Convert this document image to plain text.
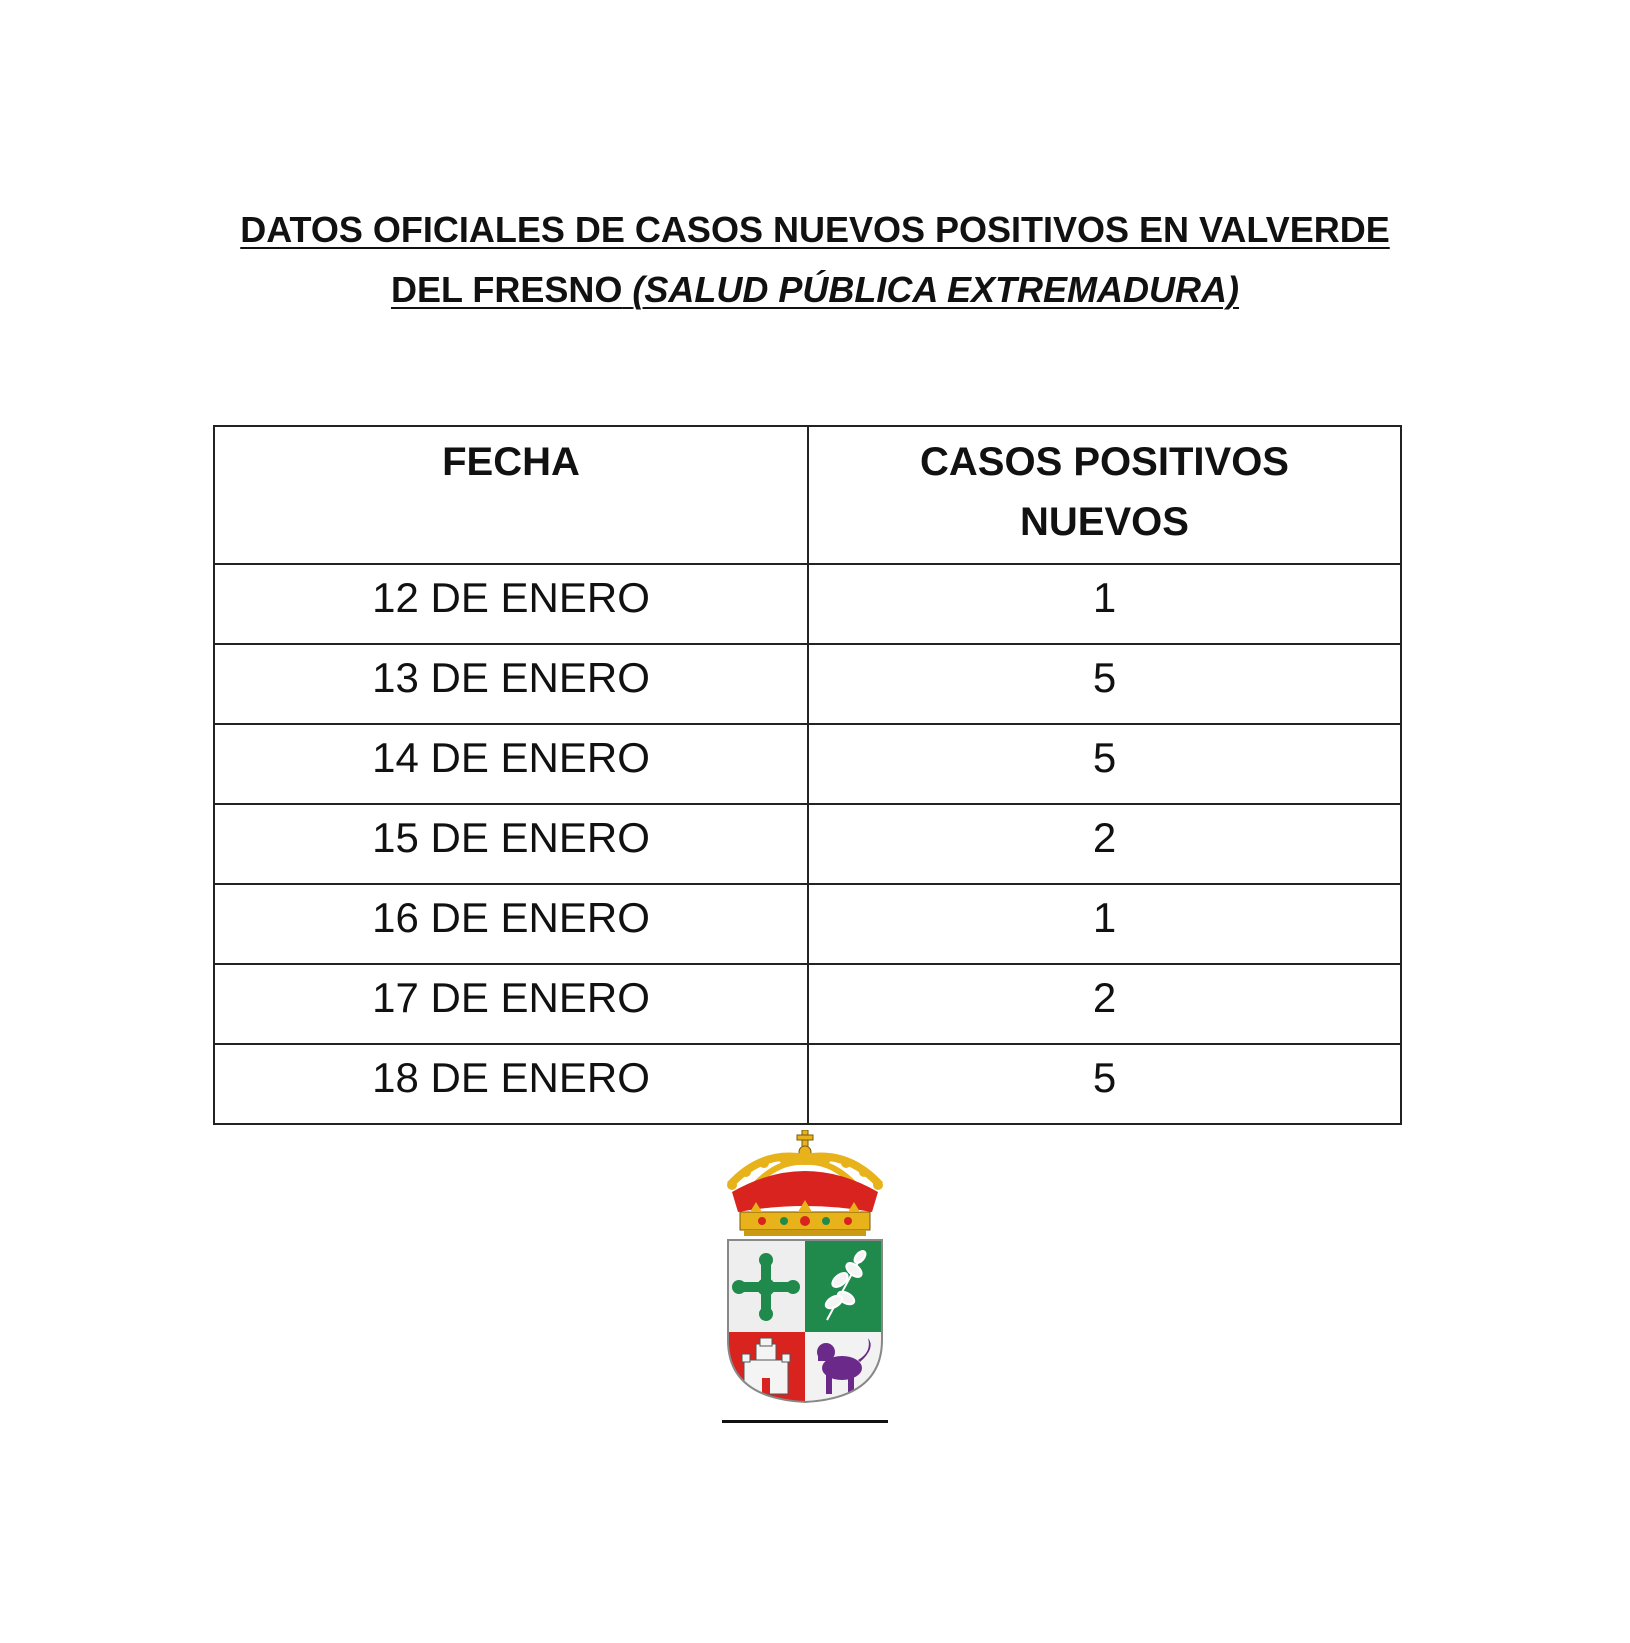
DATOS OFICIALES DE CASOS NUEVOS POSITIVOS EN VALVERDE
DEL FRESNO (SALUD PÚBLICA EXTREMADURA)
FECHA	CASOS POSITIVOS
NUEVOS

12 DE ENERO	1
13 DE ENERO	5
14 DE ENERO	5
15 DE ENERO	2
16 DE ENERO	1
17 DE ENERO	2
18 DE ENERO	5
